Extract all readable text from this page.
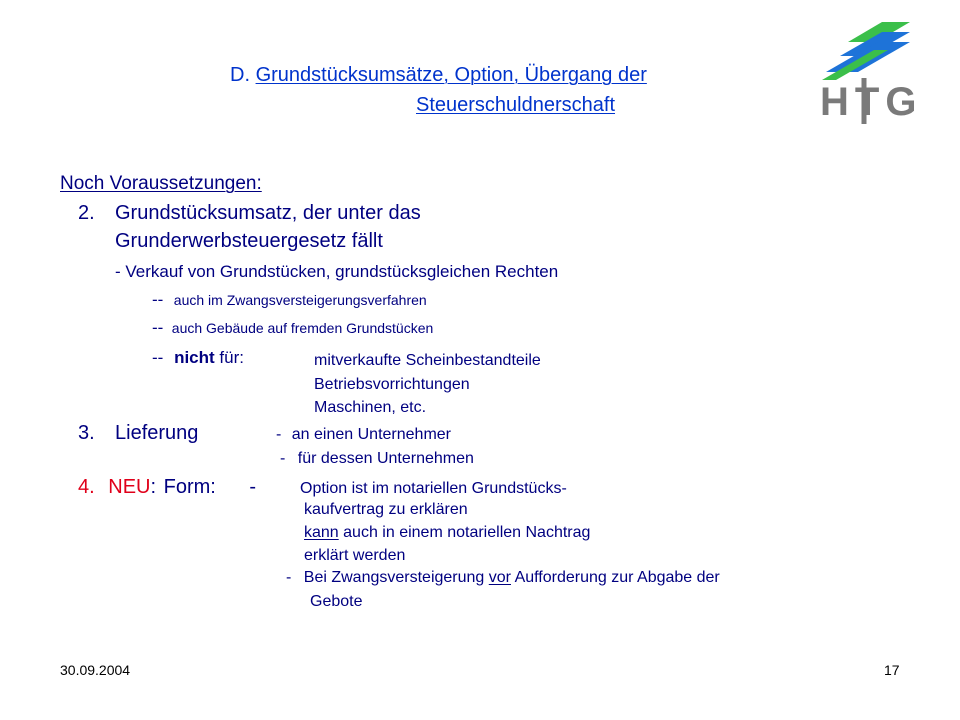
D. Grundstücksumsätze, Option, Übergang der
Steuerschuldnerschaft	HTG
Noch Voraussetzungen:
2. Grundstücksumsatz, der unter das
Grunderwerbsteuergesetz fällt
- Verkauf von Grundstücken, grundstücksgleichen Rechten
-- auch im Zwangsversteigerungsverfahren
-- auch Gebäude auf fremden Grundstücken
-- nicht für:	mitverkaufte Scheinbestandteile
Betriebsvorrichtungen
Maschinen, etc.
3. Lieferung	- an einen Unternehmer
- für dessen Unternehmen
4. NEU: Form: -	Option ist im notariellen Grundstücks-
kaufvertrag zu erklären
kann auch in einem notariellen Nachtrag
erklärt werden
- Bei Zwangsversteigerung vor Aufforderung zur Abgabe der
Gebote
30.09.2004	17
